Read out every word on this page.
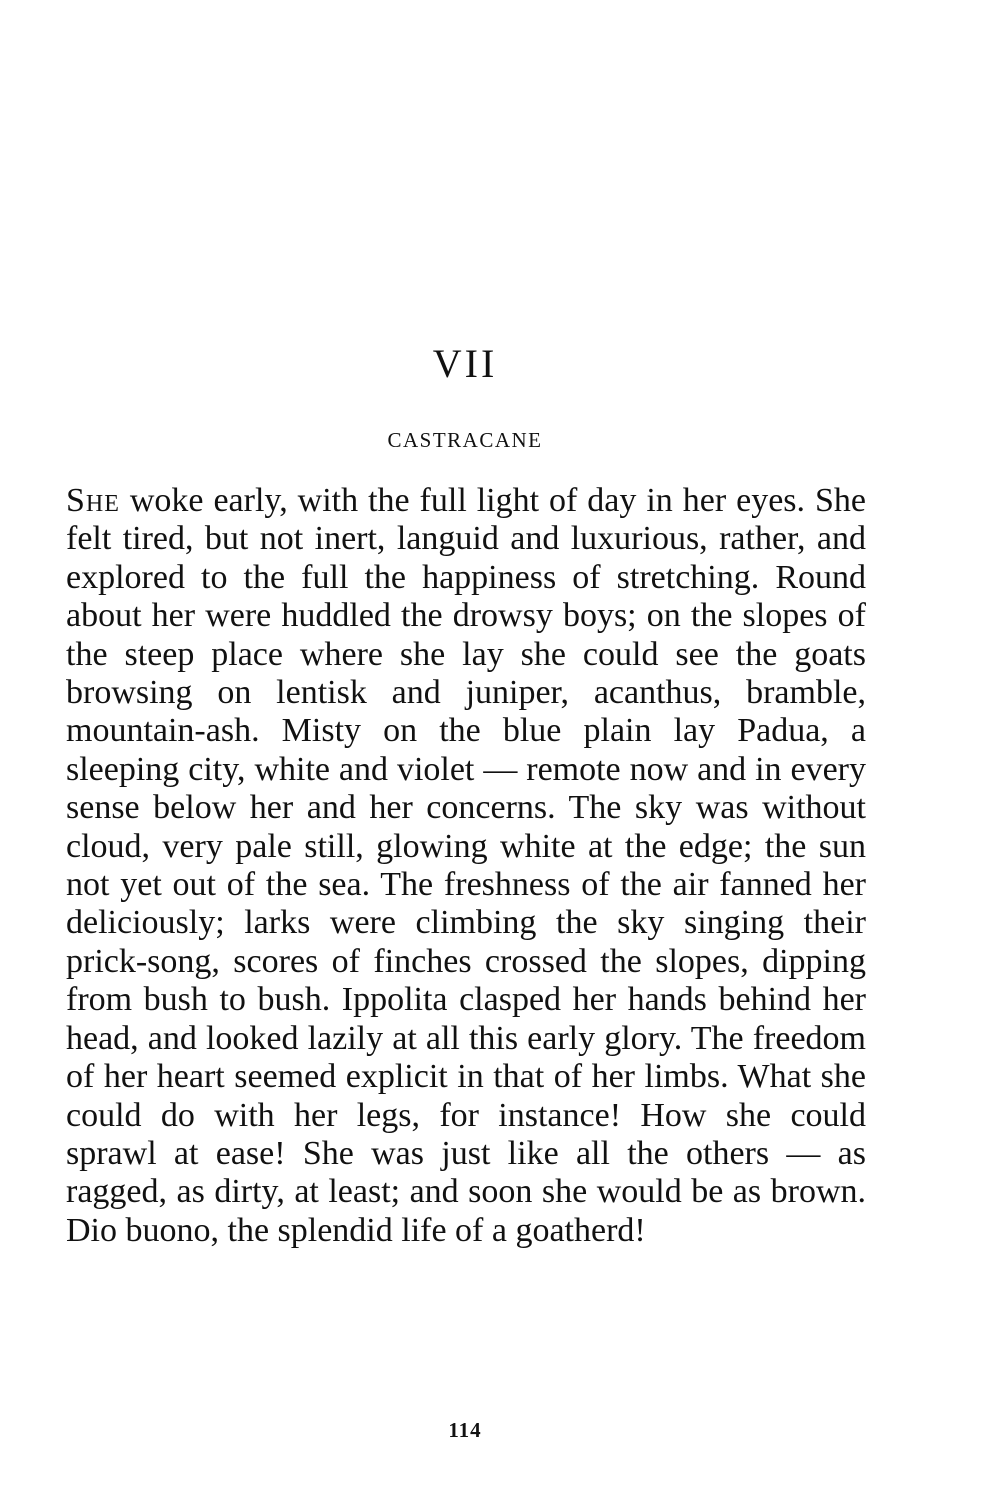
VII
CASTRACANE

She woke early, with the full light of day in her eyes. She felt tired, but not inert, languid and luxurious, rather, and explored to the full the happiness of stretching. Round about her were huddled the drowsy boys; on the slopes of the steep place where she lay she could see the goats browsing on lentisk and juniper, acanthus, bramble, mountain-ash. Misty on the blue plain lay Padua, a sleeping city, white and violet — remote now and in every sense below her and her concerns. The sky was without cloud, very pale still, glowing white at the edge; the sun not yet out of the sea. The freshness of the air fanned her deliciously; larks were climbing the sky singing their prick-song, scores of finches crossed the slopes, dipping from bush to bush. Ippolita clasped her hands behind her head, and looked lazily at all this early glory. The freedom of her heart seemed explicit in that of her limbs. What she could do with her legs, for instance! How she could sprawl at ease! She was just like all the others — as ragged, as dirty, at least; and soon she would be as brown. Dio buono, the splendid life of a goatherd!

114
